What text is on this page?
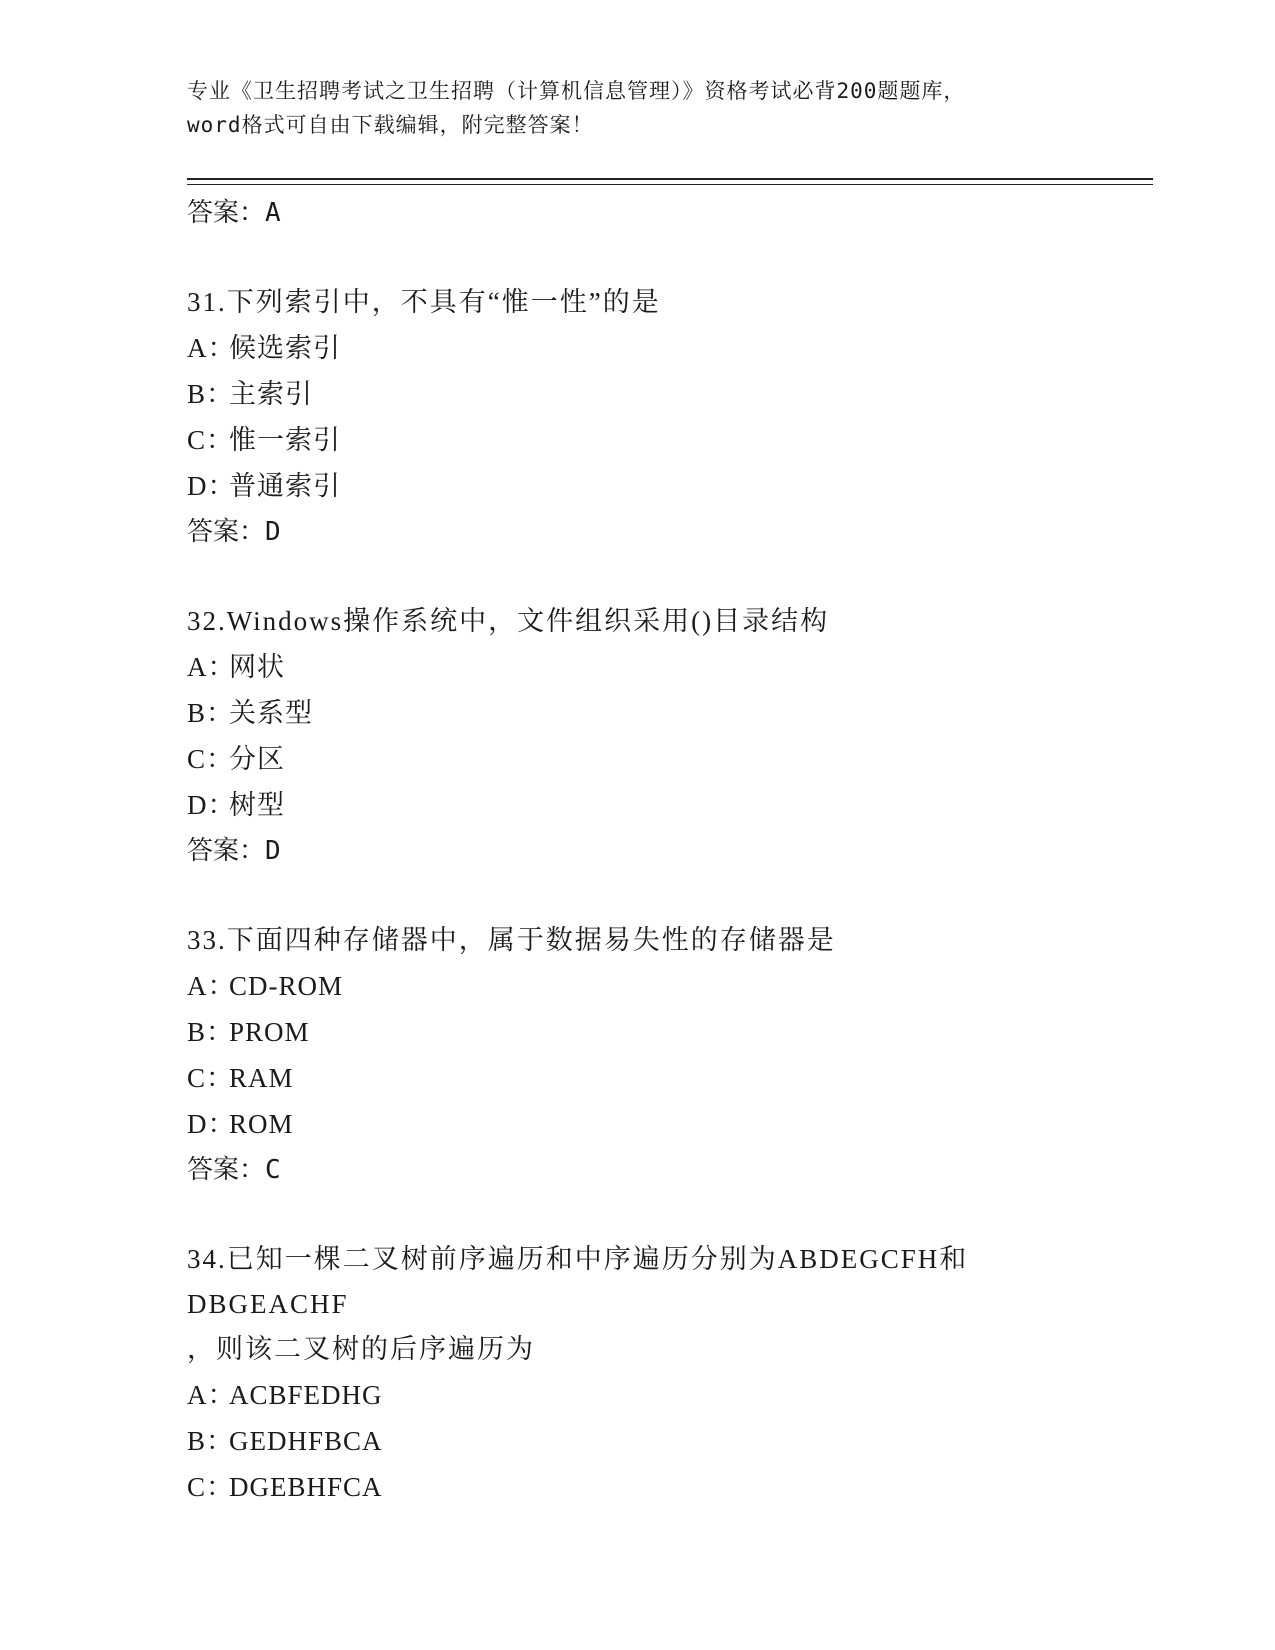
专业《卫生招聘考试之卫生招聘（计算机信息管理）》资格考试必背200题题库，
word格式可自由下载编辑，附完整答案！
答案：A
31.下列索引中，不具有“惟一性”的是
A：候选索引
B：主索引
C：惟一索引
D：普通索引
答案：D
32.Windows操作系统中，文件组织采用()目录结构
A：网状
B：关系型
C：分区
D：树型
答案：D
33.下面四种存储器中，属于数据易失性的存储器是
A：CD-ROM
B：PROM
C：RAM
D：ROM
答案：C
34.已知一棵二叉树前序遍历和中序遍历分别为ABDEGCFH和DBGEACHF
，则该二叉树的后序遍历为
A：ACBFEDHG
B：GEDHFBCA
C：DGEBHFCA
